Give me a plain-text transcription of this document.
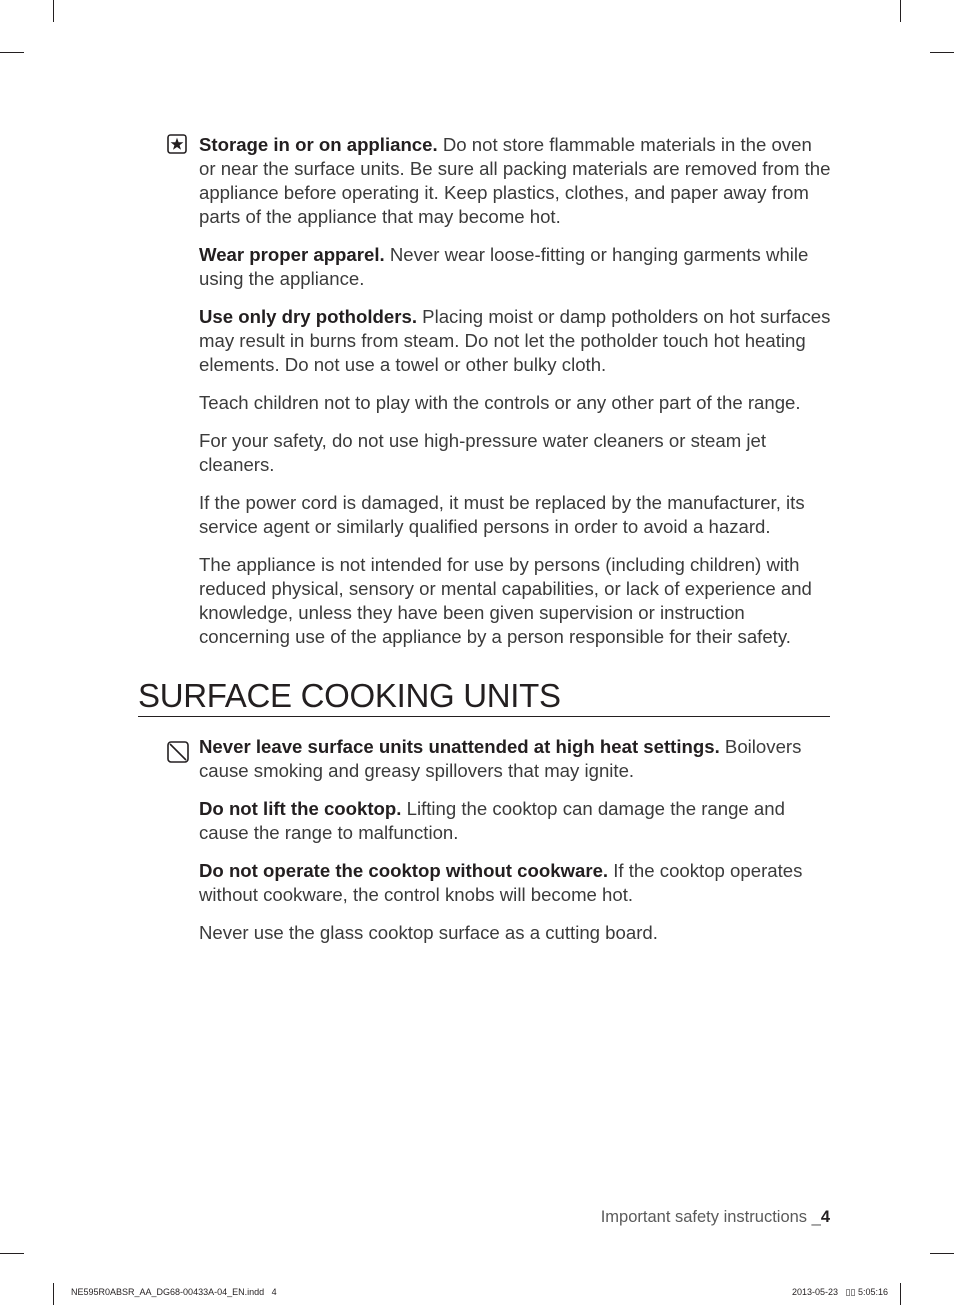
Storage in or on appliance. Do not store flammable materials in the oven or near the surface units. Be sure all packing materials are removed from the appliance before operating it. Keep plastics, clothes, and paper away from parts of the appliance that may become hot.

Wear proper apparel. Never wear loose-fitting or hanging garments while using the appliance.

Use only dry potholders. Placing moist or damp potholders on hot surfaces may result in burns from steam. Do not let the potholder touch hot heating elements. Do not use a towel or other bulky cloth.

Teach children not to play with the controls or any other part of the range.

For your safety, do not use high-pressure water cleaners or steam jet cleaners.

If the power cord is damaged, it must be replaced by the manufacturer, its service agent or similarly qualified persons in order to avoid a hazard.

The appliance is not intended for use by persons (including children) with reduced physical, sensory or mental capabilities, or lack of experience and knowledge, unless they have been given supervision or instruction concerning use of the appliance by a person responsible for their safety.

SURFACE COOKING UNITS

Never leave surface units unattended at high heat settings. Boilovers cause smoking and greasy spillovers that may ignite.

Do not lift the cooktop. Lifting the cooktop can damage the range and cause the range to malfunction.

Do not operate the cooktop without cookware. If the cooktop operates without cookware, the control knobs will become hot.

Never use the glass cooktop surface as a cutting board.

Important safety instructions _4
NE595R0ABSR_AA_DG68-00433A-04_EN.indd   4	2013-05-23   ▯▯ 5:05:16
